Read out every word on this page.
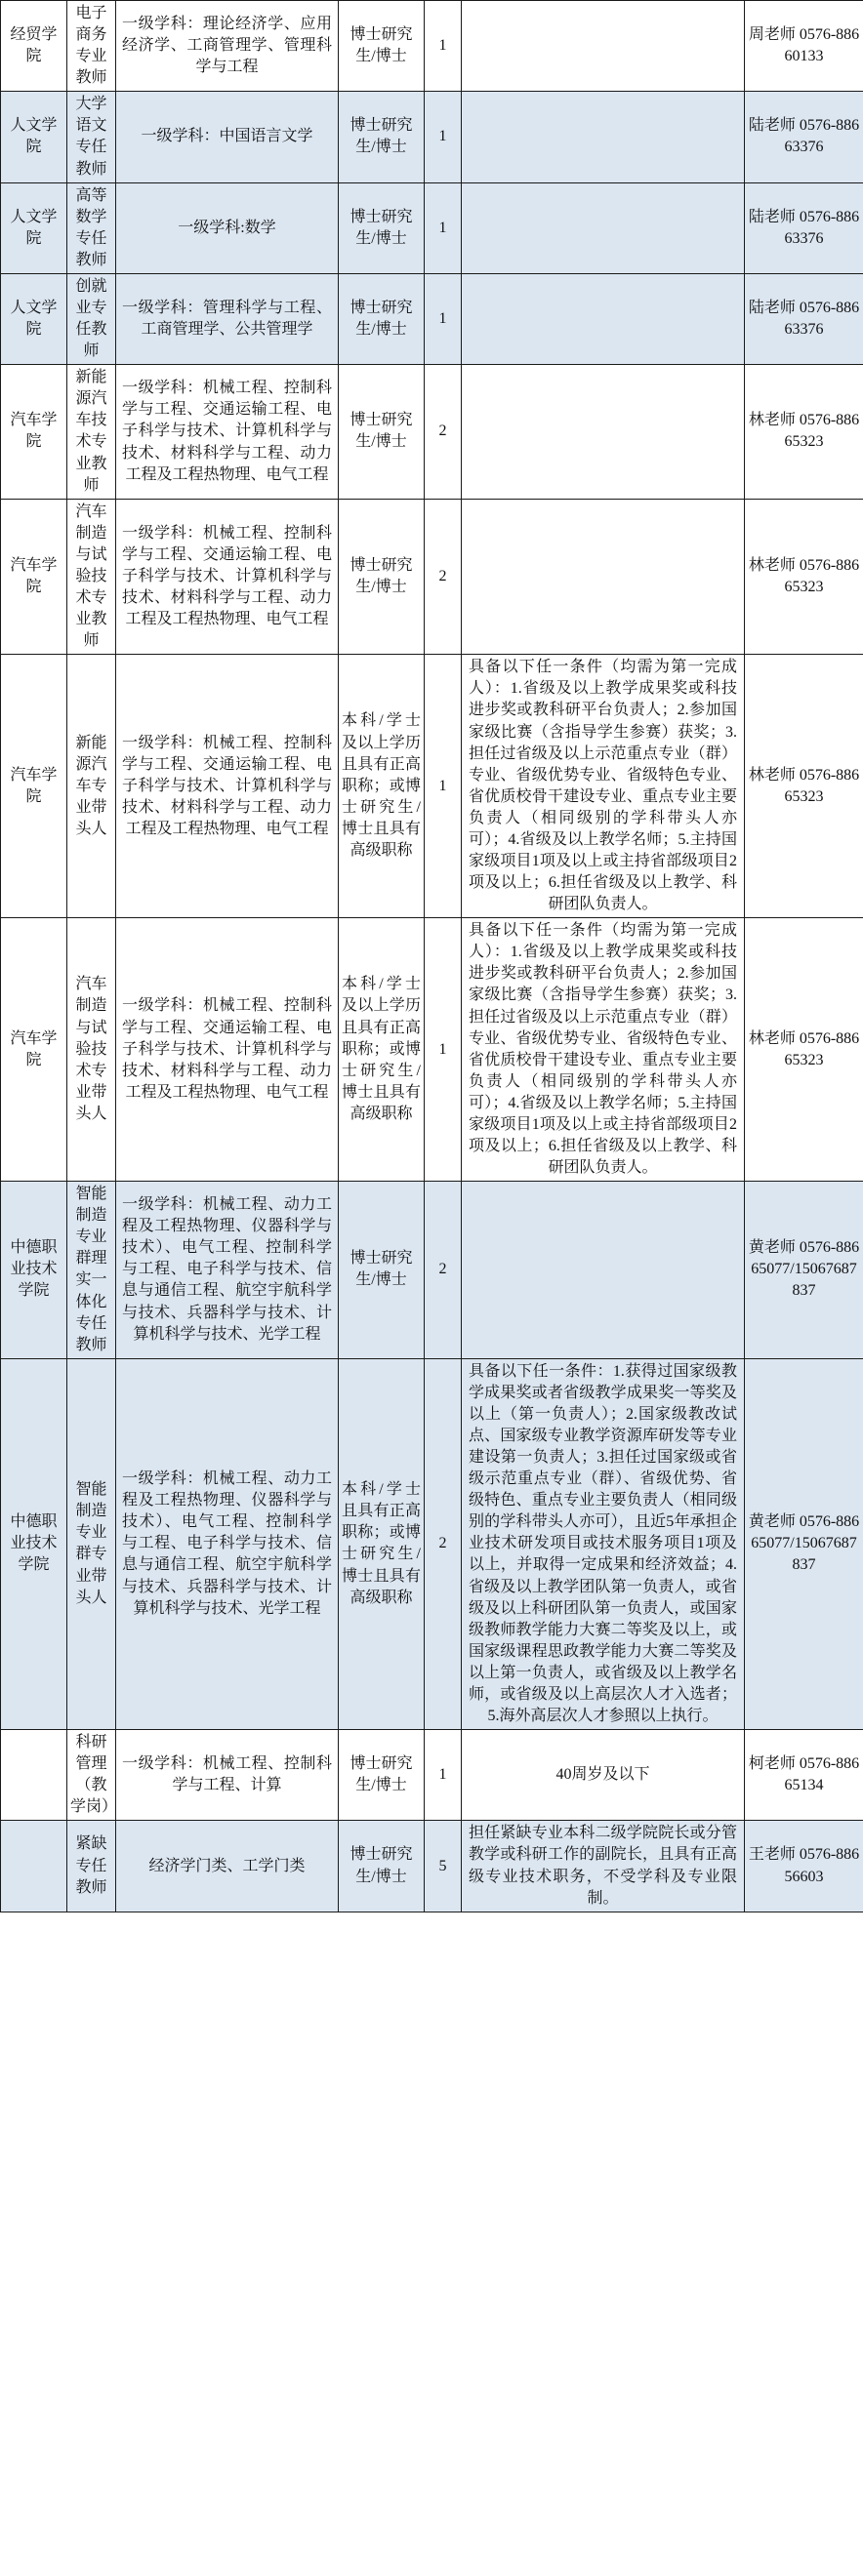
经贸学院	电子商务专业教师	一级学科：理论经济学、应用经济学、工商管理学、管理科学与工程	博士研究生/博士	1		周老师 0576-88660133

人文学院	大学语文专任教师	一级学科：中国语言文学	博士研究生/博士	1		陆老师 0576-88663376

人文学院	高等数学专任教师	一级学科:数学	博士研究生/博士	1		陆老师 0576-88663376

人文学院	创就业专任教师	一级学科：管理科学与工程、工商管理学、公共管理学	博士研究生/博士	1		陆老师 0576-88663376

汽车学院	新能源汽车技术专业教师	一级学科：机械工程、控制科学与工程、交通运输工程、电子科学与技术、计算机科学与技术、材料科学与工程、动力工程及工程热物理、电气工程	博士研究生/博士	2		林老师 0576-88665323

汽车学院	汽车制造与试验技术专业教师	一级学科：机械工程、控制科学与工程、交通运输工程、电子科学与技术、计算机科学与技术、材料科学与工程、动力工程及工程热物理、电气工程	博士研究生/博士	2		林老师 0576-88665323

汽车学院	新能源汽车专业带头人	一级学科：机械工程、控制科学与工程、交通运输工程、电子科学与技术、计算机科学与技术、材料科学与工程、动力工程及工程热物理、电气工程	本科/学士及以上学历且具有正高职称；或博士研究生/博士且具有高级职称	1	具备以下任一条件（均需为第一完成人）：1.省级及以上教学成果奖或科技进步奖或教科研平台负责人；2.参加国家级比赛（含指导学生参赛）获奖；3.担任过省级及以上示范重点专业（群）专业、省级优势专业、省级特色专业、省优质校骨干建设专业、重点专业主要负责人（相同级别的学科带头人亦可）；4.省级及以上教学名师；5.主持国家级项目1项及以上或主持省部级项目2项及以上；6.担任省级及以上教学、科研团队负责人。	林老师 0576-88665323

汽车学院	汽车制造与试验技术专业带头人	一级学科：机械工程、控制科学与工程、交通运输工程、电子科学与技术、计算机科学与技术、材料科学与工程、动力工程及工程热物理、电气工程	本科/学士及以上学历且具有正高职称；或博士研究生/博士且具有高级职称	1	具备以下任一条件（均需为第一完成人）：1.省级及以上教学成果奖或科技进步奖或教科研平台负责人；2.参加国家级比赛（含指导学生参赛）获奖；3.担任过省级及以上示范重点专业（群）专业、省级优势专业、省级特色专业、省优质校骨干建设专业、重点专业主要负责人（相同级别的学科带头人亦可）；4.省级及以上教学名师；5.主持国家级项目1项及以上或主持省部级项目2项及以上；6.担任省级及以上教学、科研团队负责人。	林老师 0576-88665323

中德职业技术学院	智能制造专业群理实一体化专任教师	一级学科：机械工程、动力工程及工程热物理、仪器科学与技术）、电气工程、控制科学与工程、电子科学与技术、信息与通信工程、航空宇航科学与技术、兵器科学与技术、计算机科学与技术、光学工程	博士研究生/博士	2		黄老师 0576-88665077/15067687837

中德职业技术学院	智能制造专业群专业带头人	一级学科：机械工程、动力工程及工程热物理、仪器科学与技术）、电气工程、控制科学与工程、电子科学与技术、信息与通信工程、航空宇航科学与技术、兵器科学与技术、计算机科学与技术、光学工程	本科/学士且具有正高职称；或博士研究生/博士且具有高级职称	2	具备以下任一条件：1.获得过国家级教学成果奖或者省级教学成果奖一等奖及以上（第一负责人）；2.国家级教改试点、国家级专业教学资源库研发等专业建设第一负责人；3.担任过国家级或省级示范重点专业（群）、省级优势、省级特色、重点专业主要负责人（相同级别的学科带头人亦可），且近5年承担企业技术研发项目或技术服务项目1项及以上，并取得一定成果和经济效益；4.省级及以上教学团队第一负责人，或省级及以上科研团队第一负责人，或国家级教师教学能力大赛二等奖及以上，或国家级课程思政教学能力大赛二等奖及以上第一负责人，或省级及以上教学名师，或省级及以上高层次人才入选者；5.海外高层次人才参照以上执行。	黄老师 0576-88665077/15067687837

	科研管理（教学岗）	一级学科：机械工程、控制科学与工程、计算	博士研究生/博士	1	40周岁及以下	柯老师 0576-88665134

	紧缺专任教师	经济学门类、工学门类	博士研究生/博士	5	担任紧缺专业本科二级学院院长或分管教学或科研工作的副院长，且具有正高级专业技术职务，不受学科及专业限制。	王老师 0576-88656603
